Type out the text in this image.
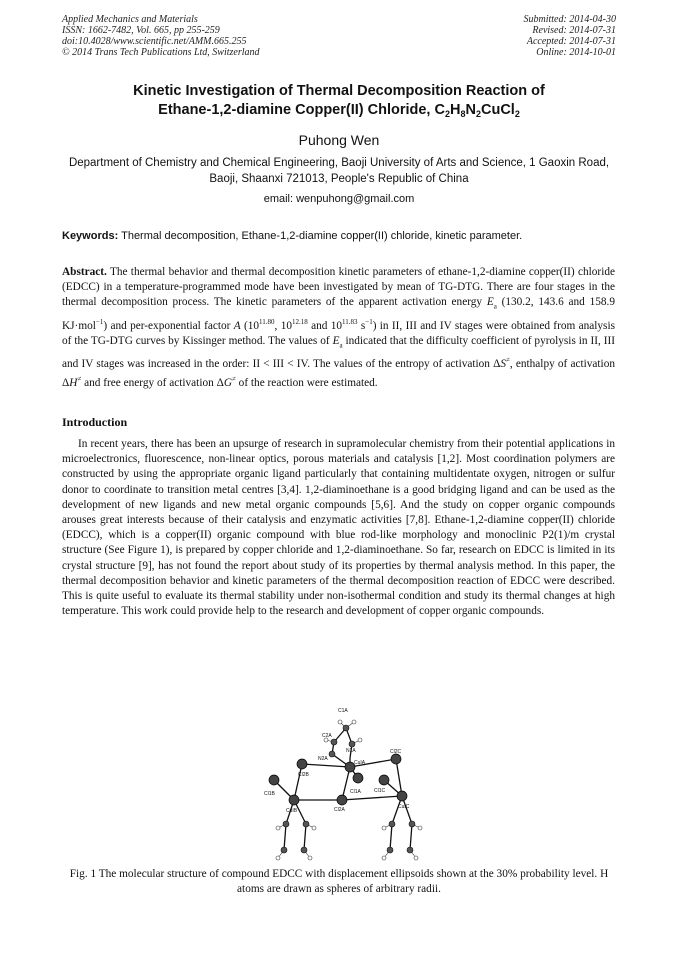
Applied Mechanics and Materials
ISSN: 1662-7482, Vol. 665, pp 255-259
doi:10.4028/www.scientific.net/AMM.665.255
© 2014 Trans Tech Publications Ltd, Switzerland
Submitted: 2014-04-30
Revised: 2014-07-31
Accepted: 2014-07-31
Online: 2014-10-01
Kinetic Investigation of Thermal Decomposition Reaction of
Ethane-1,2-diamine Copper(II) Chloride, $C_2H_8N_2CuCl_2$
Puhong Wen
Department of Chemistry and Chemical Engineering, Baoji University of Arts and Science, 1 Gaoxin Road, Baoji, Shaanxi 721013, People's Republic of China
email: wenpuhong@gmail.com
Keywords: Thermal decomposition, Ethane-1,2-diamine copper(II) chloride, kinetic parameter.
Abstract. The thermal behavior and thermal decomposition kinetic parameters of ethane-1,2-diamine copper(II) chloride (EDCC) in a temperature-programmed mode have been investigated by mean of TG-DTG. There are four stages in the thermal decomposition process. The kinetic parameters of the apparent activation energy $E_a$ (130.2, 143.6 and 158.9 KJ·mol$^{-1}$) and per-exponential factor A ($10^{11.80}$, $10^{12.18}$ and $10^{11.83}$ $s^{-1}$) in II, III and IV stages were obtained from analysis of the TG-DTG curves by Kissinger method. The values of $E_a$ indicated that the difficulty coefficient of pyrolysis in II, III and IV stages was increased in the order: II < III < IV. The values of the entropy of activation ΔS≠, enthalpy of activation ΔH≠ and free energy of activation ΔG≠ of the reaction were estimated.
Introduction
In recent years, there has been an upsurge of research in supramolecular chemistry from their potential applications in microelectronics, fluorescence, non-linear optics, porous materials and catalysis [1,2]. Most coordination polymers are constructed by using the appropriate organic ligand particularly that containing multidentate oxygen, nitrogen or sulfur donor to coordinate to transition metal centres [3,4]. 1,2-diaminoethane is a good bridging ligand and can be used as the development of new ligands and new metal organic compounds [5,6]. And the study on copper organic compounds arouses great interests because of their catalysis and enzymatic activities [7,8]. Ethane-1,2-diamine copper(II) chloride (EDCC), which is a copper(II) organic compound with blue rod-like morphology and monoclinic P2(1)/m crystal structure (See Figure 1), is prepared by copper chloride and 1,2-diaminoethane. So far, research on EDCC is limited in its crystal structure [9], has not found the report about study of its properties by thermal analysis method. In this paper, the thermal decomposition behavior and kinetic parameters of the thermal decomposition reaction of EDCC were described. This is quite useful to evaluate its thermal stability under non-isothermal condition and study its thermal changes at high temperature. This work could provide help to the research and development of copper organic compounds.
C1A
C2A
N1A
N2A
CuIA
Cl2C
Cl2B
Cl1B
CuIB
Cl1A
Cl2A
Cl1C
CuIC
Fig. 1 The molecular structure of compound EDCC with displacement ellipsoids shown at the 30% probability level. H atoms are drawn as spheres of arbitrary radii.
